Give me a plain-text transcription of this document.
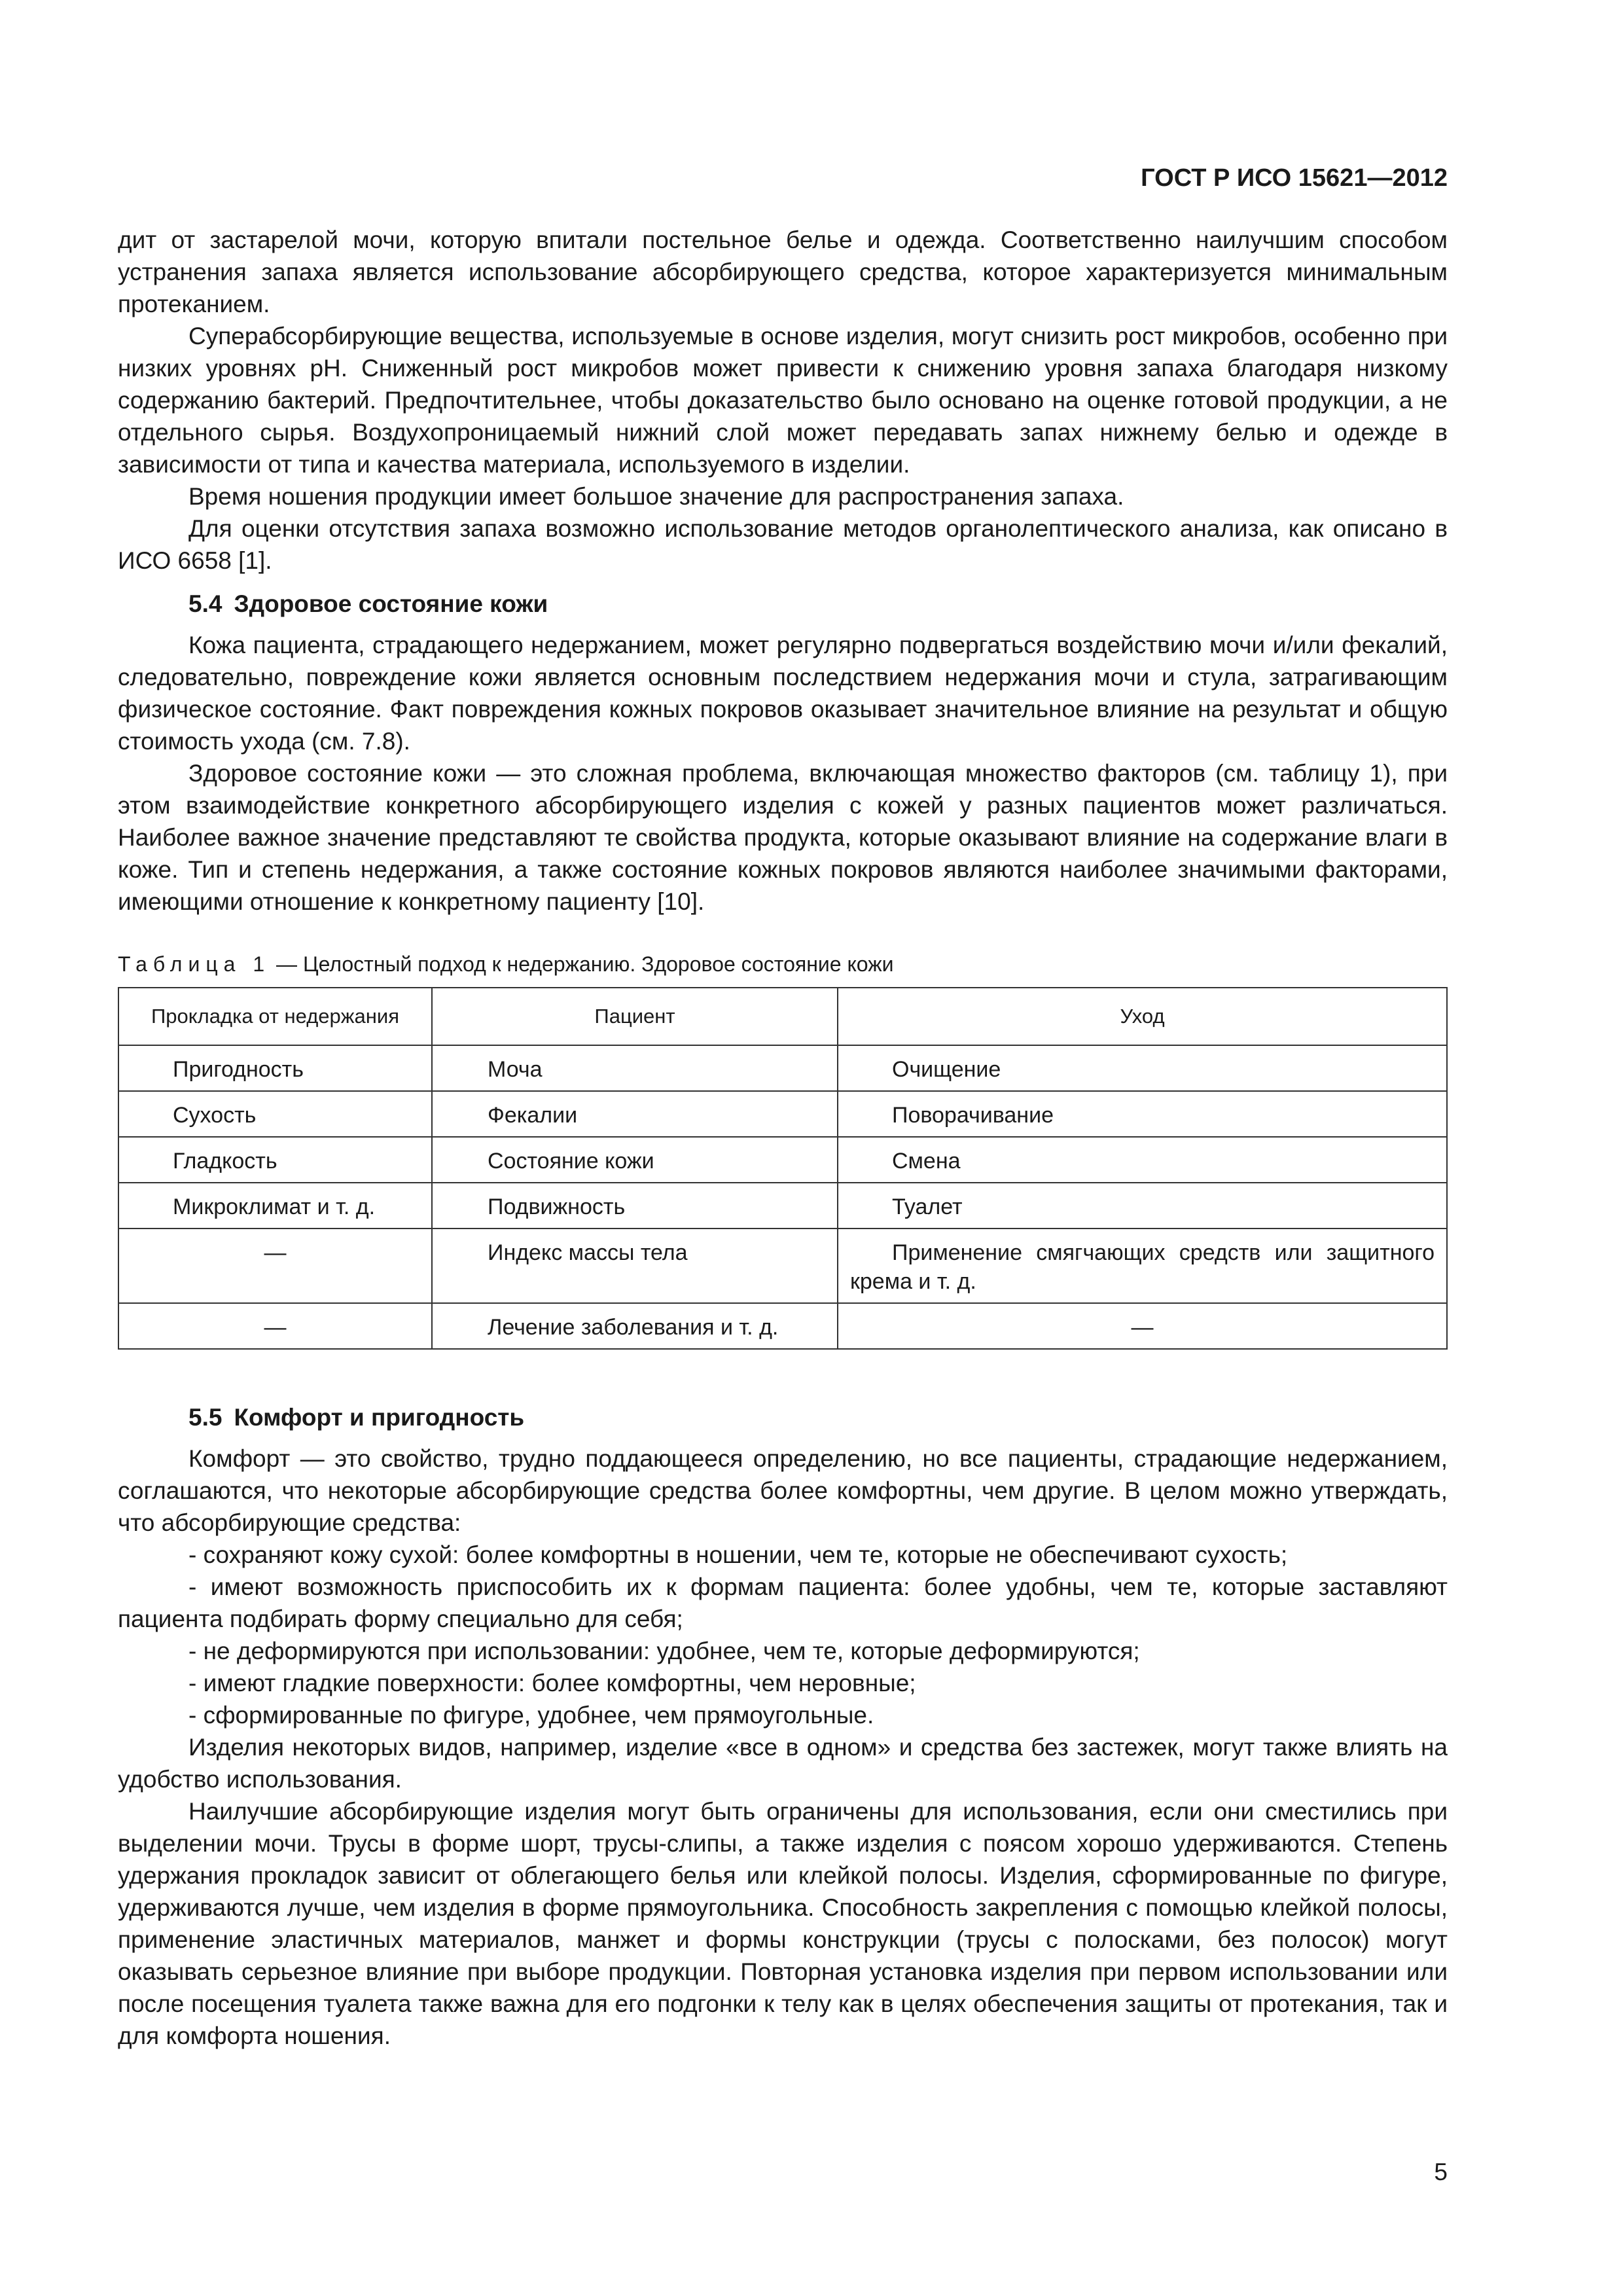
ГОСТ Р ИСО 15621—2012

дит от застарелой мочи, которую впитали постельное белье и одежда. Соответственно наилучшим способом устранения запаха является использование абсорбирующего средства, которое характеризуется минимальным протеканием.

Суперабсорбирующие вещества, используемые в основе изделия, могут снизить рост микробов, особенно при низких уровнях pH. Сниженный рост микробов может привести к снижению уровня запаха благодаря низкому содержанию бактерий. Предпочтительнее, чтобы доказательство было основано на оценке готовой продукции, а не отдельного сырья. Воздухопроницаемый нижний слой может передавать запах нижнему белью и одежде в зависимости от типа и качества материала, используемого в изделии.

Время ношения продукции имеет большое значение для распространения запаха.

Для оценки отсутствия запаха возможно использование методов органолептического анализа, как описано в ИСО 6658 [1].

5.4 Здоровое состояние кожи

Кожа пациента, страдающего недержанием, может регулярно подвергаться воздействию мочи и/или фекалий, следовательно, повреждение кожи является основным последствием недержания мочи и стула, затрагивающим физическое состояние. Факт повреждения кожных покровов оказывает значительное влияние на результат и общую стоимость ухода (см. 7.8).

Здоровое состояние кожи — это сложная проблема, включающая множество факторов (см. таблицу 1), при этом взаимодействие конкретного абсорбирующего изделия с кожей у разных пациентов может различаться. Наиболее важное значение представляют те свойства продукта, которые оказывают влияние на содержание влаги в коже. Тип и степень недержания, а также состояние кожных покровов являются наиболее значимыми факторами, имеющими отношение к конкретному пациенту [10].

Таблица 1 — Целостный подход к недержанию. Здоровое состояние кожи
Прокладка от недержания	Пациент	Уход
Пригодность	Моча	Очищение
Сухость	Фекалии	Поворачивание
Гладкость	Состояние кожи	Смена
Микроклимат и т. д.	Подвижность	Туалет
—	Индекс массы тела	Применение смягчающих средств или защитного крема и т. д.
—	Лечение заболевания и т. д.	—
5.5 Комфорт и пригодность

Комфорт — это свойство, трудно поддающееся определению, но все пациенты, страдающие недержанием, соглашаются, что некоторые абсорбирующие средства более комфортны, чем другие. В целом можно утверждать, что абсорбирующие средства:

- сохраняют кожу сухой: более комфортны в ношении, чем те, которые не обеспечивают сухость;

- имеют возможность приспособить их к формам пациента: более удобны, чем те, которые заставляют пациента подбирать форму специально для себя;

- не деформируются при использовании: удобнее, чем те, которые деформируются;

- имеют гладкие поверхности: более комфортны, чем неровные;

- сформированные по фигуре, удобнее, чем прямоугольные.

Изделия некоторых видов, например, изделие «все в одном» и средства без застежек, могут также влиять на удобство использования.

Наилучшие абсорбирующие изделия могут быть ограничены для использования, если они сместились при выделении мочи. Трусы в форме шорт, трусы-слипы, а также изделия с поясом хорошо удерживаются. Степень удержания прокладок зависит от облегающего белья или клейкой полосы. Изделия, сформированные по фигуре, удерживаются лучше, чем изделия в форме прямоугольника. Способность закрепления с помощью клейкой полосы, применение эластичных материалов, манжет и формы конструкции (трусы с полосками, без полосок) могут оказывать серьезное влияние при выборе продукции. Повторная установка изделия при первом использовании или после посещения туалета также важна для его подгонки к телу как в целях обеспечения защиты от протекания, так и для комфорта ношения.

5
